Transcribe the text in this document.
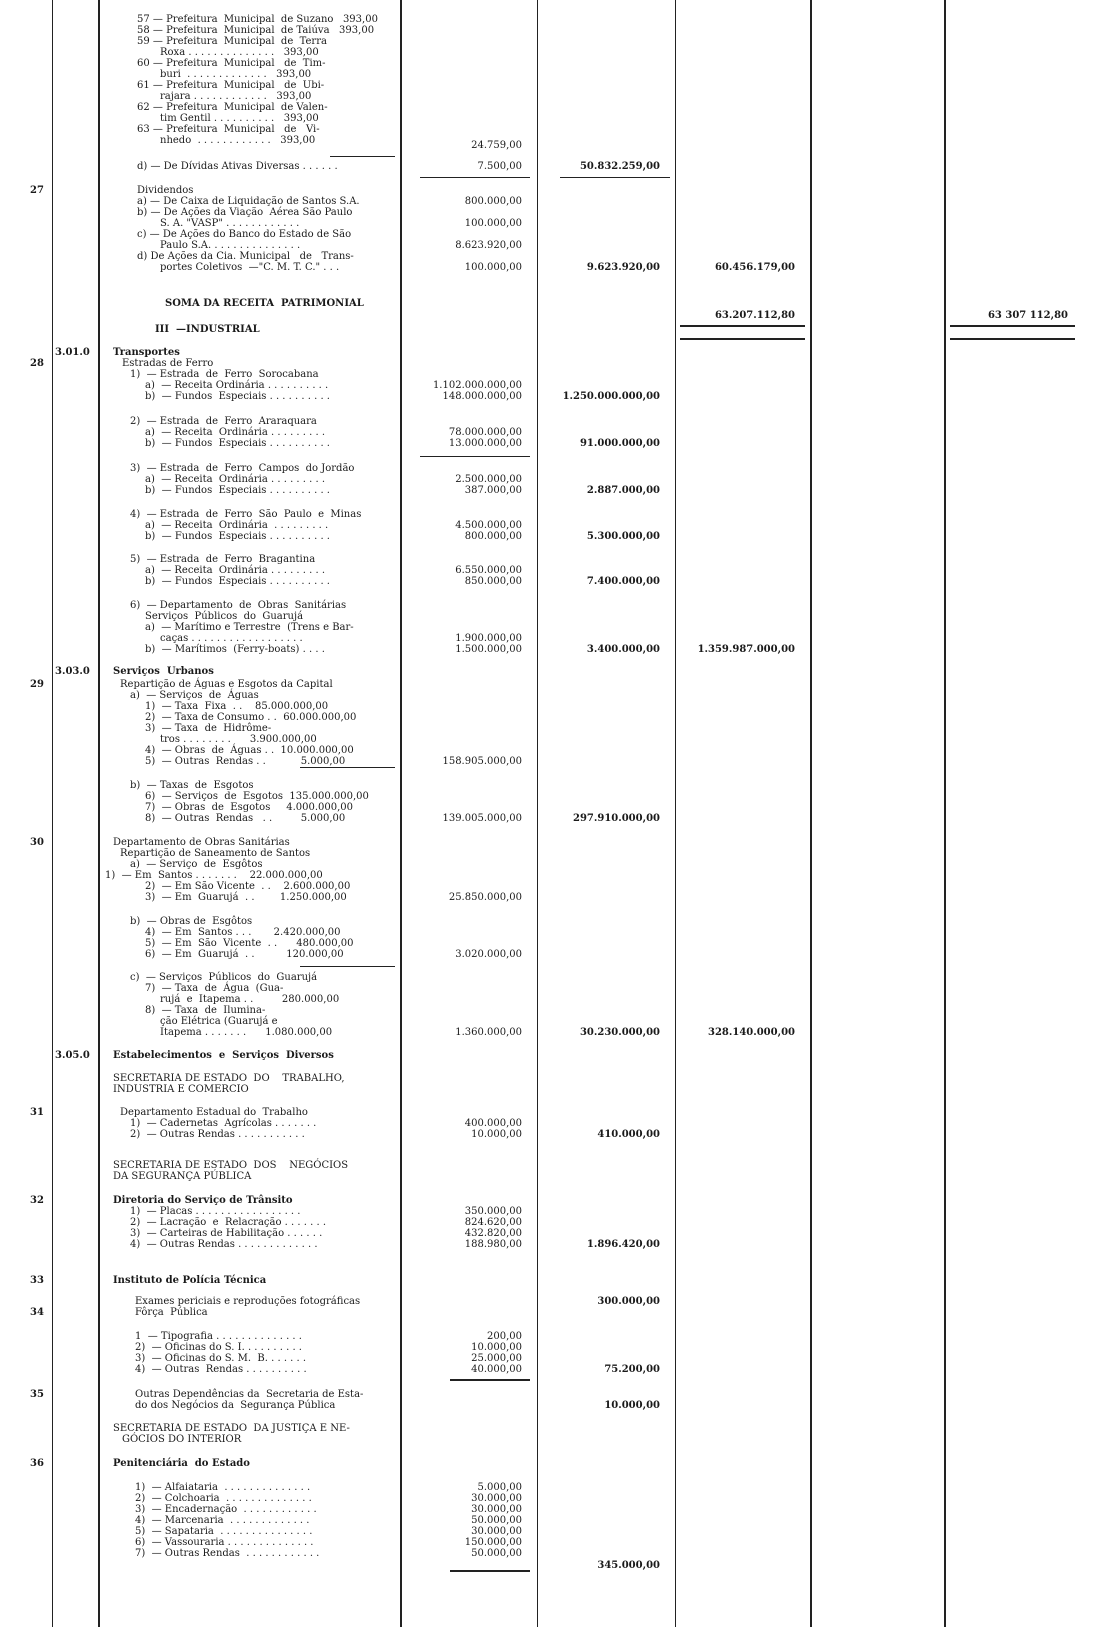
57 — Prefeitura  Municipal  de Suzano   393,00
58 — Prefeitura  Municipal  de Taiúva   393,00
59 — Prefeitura  Municipal  de  Terra
Roxa . . . . . . . . . . . . . .   393,00
60 — Prefeitura  Municipal   de  Tim-
buri  . . . . . . . . . . . . .   393,00
61 — Prefeitura  Municipal   de  Ubi-
rajara . . . . . . . . . . . .   393,00
62 — Prefeitura  Municipal  de Valen-
tim Gentil . . . . . . . . . .   393,00
63 — Prefeitura  Municipal   de   Vi-
nhedo  . . . . . . . . . . . .   393,00
d) — De Dívidas Ativas Diversas . . . . . .
Dividendos
a) — De Caixa de Liquidação de Santos S.A.
b) — De Ações da Viação  Aérea São Paulo
S. A. "VASP" . . . . . . . . . . . .
c) — De Ações do Banco do Estado de São
Paulo S.A. . . . . . . . . . . . . . .
d) De Ações da Cia. Municipal   de   Trans-
portes Coletivos  —"C. M. T. C." . . .
SOMA DA RECEITA  PATRIMONIAL
III  —INDUSTRIAL
Transportes
Estradas de Ferro
1)  — Estrada  de  Ferro  Sorocabana
a)  — Receita Ordinária . . . . . . . . . .
b)  — Fundos  Especiais . . . . . . . . . .
2)  — Estrada  de  Ferro  Araraquara
a)  — Receita  Ordinária . . . . . . . . .
b)  — Fundos  Especiais . . . . . . . . . .
3)  — Estrada  de  Ferro  Campos  do Jordão
a)  — Receita  Ordinária . . . . . . . . .
b)  — Fundos  Especiais . . . . . . . . . .
4)  — Estrada  de  Ferro  São  Paulo  e  Minas
a)  — Receita  Ordinária  . . . . . . . . .
b)  — Fundos  Especiais . . . . . . . . . .
5)  — Estrada  de  Ferro  Bragantina
a)  — Receita  Ordinária . . . . . . . . .
b)  — Fundos  Especiais . . . . . . . . . .
6)  — Departamento  de  Obras  Sanitárias
Serviços  Públicos  do  Guarujá
a)  — Marítimo e Terrestre  (Trens e Bar-
caças . . . . . . . . . . . . . . . . . .
b)  — Marítimos  (Ferry-boats) . . . .
Serviços  Urbanos
Repartição de Águas e Esgotos da Capital
a)  — Serviços  de  Águas
1)  — Taxa  Fixa  . .    85.000.000,00
2)  — Taxa de Consumo . .  60.000.000,00
3)  — Taxa  de  Hidrôme-
tros . . . . . . . .      3.900.000,00
4)  — Obras  de  Águas . .  10.000.000,00
5)  — Outras  Rendas . .           5.000,00
b)  — Taxas  de  Esgotos
6)  — Serviços  de  Esgotos  135.000.000,00
7)  — Obras  de  Esgotos     4.000.000,00
8)  — Outras  Rendas   . .         5.000,00
Departamento de Obras Sanitárias
Repartição de Saneamento de Santos
a)  — Serviço  de  Esgôtos
1)  — Em  Santos . . . . . . .    22.000.000,00
2)  — Em São Vicente  . .    2.600.000,00
3)  — Em  Guarujá  . .        1.250.000,00
b)  — Obras de  Esgôtos
4)  — Em  Santos . . .       2.420.000,00
5)  — Em  São  Vicente  . .      480.000,00
6)  — Em  Guarujá  . .          120.000,00
c)  — Serviços  Públicos  do  Guarujá
7)  — Taxa  de  Água  (Gua-
rujá  e  Itapema . .         280.000,00
8)  — Taxa  de  Ilumina-
ção Elétrica (Guarujá e
Itapema . . . . . . .      1.080.000,00
Estabelecimentos  e  Serviços  Diversos
SECRETARIA DE ESTADO  DO    TRABALHO,
INDUSTRIA E COMERCIO
Departamento Estadual do  Trabalho
1)  — Cadernetas  Agrícolas . . . . . . .
2)  — Outras Rendas . . . . . . . . . . .
SECRETARIA DE ESTADO  DOS    NEGÓCIOS
DA SEGURANÇA PÚBLICA
Diretoria do Serviço de Trânsito
1)  — Placas . . . . . . . . . . . . . . . . .
2)  — Lacração  e  Relacração . . . . . . .
3)  — Carteiras de Habilitação . . . . . .
4)  — Outras Rendas . . . . . . . . . . . . .
Instituto de Polícia Técnica
Exames periciais e reproduções fotográficas
Fôrça  Pública
1  — Tipografia . . . . . . . . . . . . . .
2)  — Oficinas do S. I. . . . . . . . . .
3)  — Oficinas do S. M.  B. . . . . . .
4)  — Outras  Rendas . . . . . . . . . .
Outras Dependências da  Secretaria de Esta-
do dos Negócios da  Segurança Pública
SECRETARIA DE ESTADO  DA JUSTIÇA E NE-
GÓCIOS DO INTERIOR
Penitenciária  do Estado
1)  — Alfaiataria  . . . . . . . . . . . . . .
2)  — Colchoaria  . . . . . . . . . . . . . .
3)  — Encadernação  . . . . . . . . . . . .
4)  — Marcenaria  . . . . . . . . . . . . .
5)  — Sapataria  . . . . . . . . . . . . . . .
6)  — Vassouraria . . . . . . . . . . . . . .
7)  — Outras Rendas  . . . . . . . . . . . .
24.759,00
7.500,00
800.000,00
100.000,00
8.623.920,00
100.000,00
1.102.000.000,00
148.000.000,00
78.000.000,00
13.000.000,00
2.500.000,00
387.000,00
4.500.000,00
800.000,00
6.550.000,00
850.000,00
1.900.000,00
1.500.000,00
158.905.000,00
139.005.000,00
25.850.000,00
3.020.000,00
1.360.000,00
400.000,00
10.000,00
350.000,00
824.620,00
432.820,00
188.980,00
200,00
10.000,00
25.000,00
40.000,00
5.000,00
30.000,00
30.000,00
50.000,00
30.000,00
150.000,00
50.000,00
50.832.259,00
9.623.920,00
1.250.000.000,00
91.000.000,00
2.887.000,00
5.300.000,00
7.400.000,00
3.400.000,00
297.910.000,00
30.230.000,00
410.000,00
1.896.420,00
300.000,00
75.200,00
10.000,00
345.000,00
60.456.179,00
63.207.112,80
1.359.987.000,00
328.140.000,00
63 307 112,80
3.01.0
3.03.0
3.05.0
27
28
29
30
31
32
33
34
35
36
